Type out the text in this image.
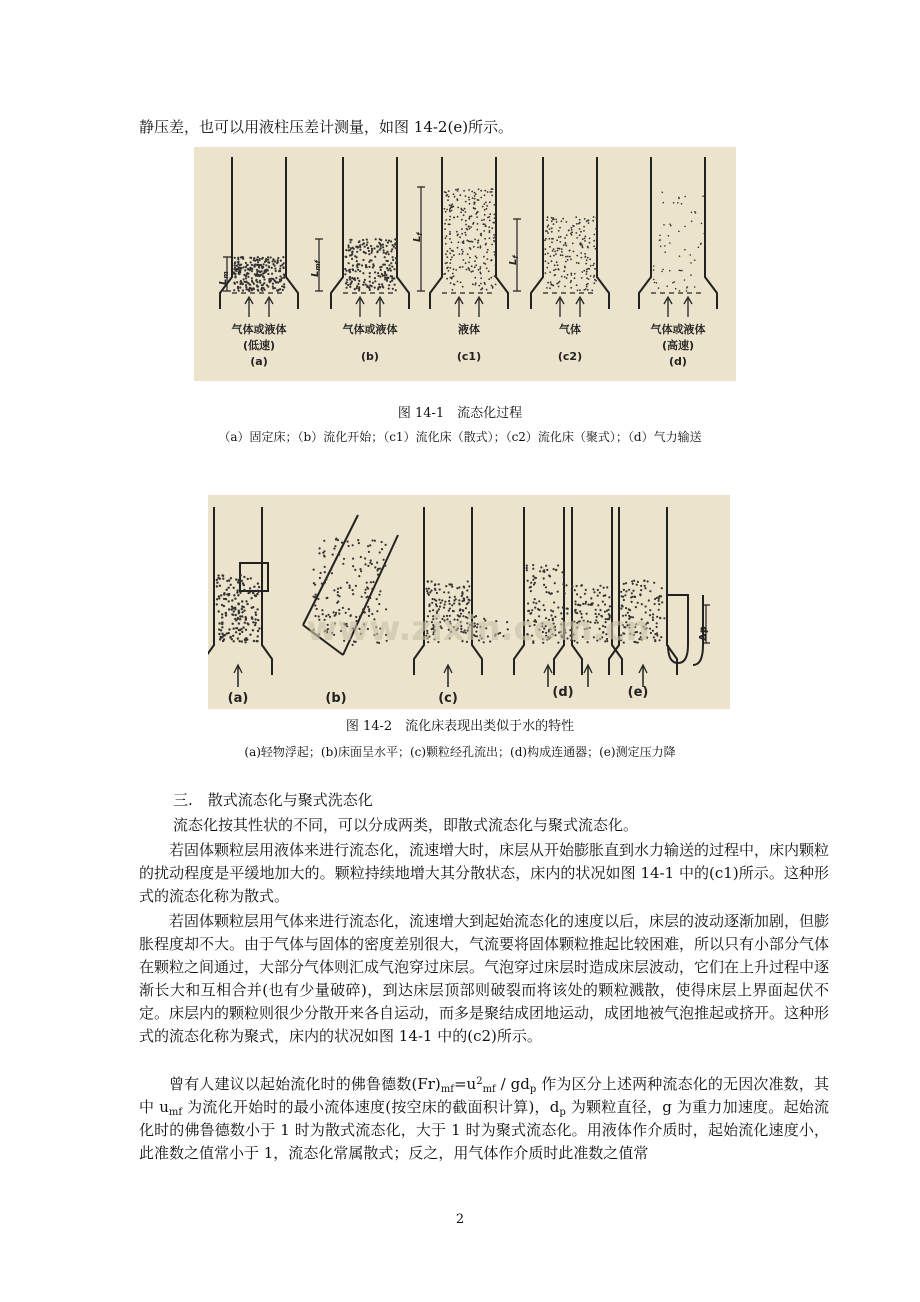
静压差，也可以用液柱压差计测量，如图 14-2(e)所示。
气体或液体
(低速)
(a)
气体或液体
(b)
液体
(c1)
气体
(c2)
气体或液体
(高速)
(d)
$L_m$	$L_{mf}$
$L_f$
$L_f$
图 14-1　流态化过程
（a）固定床；（b）流化开始；（c1）流化床（散式）；（c2）流化床（聚式）；（d）气力输送
www.zixin.com.cn
(a)	(b)	(c)	(d)	(e)
Δp
图 14-2　流化床表现出类似于水的特性
(a)轻物浮起；(b)床面呈水平；(c)颗粒经孔流出；(d)构成连通器；(e)测定压力降
三.　散式流态化与聚式洗态化
流态化按其性状的不同，可以分成两类，即散式流态化与聚式流态化。
若固体颗粒层用液体来进行流态化，流速增大时，床层从开始膨胀直到水力输送的过程中，床内颗粒的扰动程度是平缓地加大的。颗粒持续地增大其分散状态，床内的状况如图 14-1 中的(c1)所示。这种形式的流态化称为散式。
若固体颗粒层用气体来进行流态化，流速增大到起始流态化的速度以后，床层的波动逐渐加剧，但膨胀程度却不大。由于气体与固体的密度差别很大，气流要将固体颗粒推起比较困难，所以只有小部分气体在颗粒之间通过，大部分气体则汇成气泡穿过床层。气泡穿过床层时造成床层波动，它们在上升过程中逐渐长大和互相合并(也有少量破碎)，到达床层顶部则破裂而将该处的颗粒溅散，使得床层上界面起伏不定。床层内的颗粒则很少分散开来各自运动，而多是聚结成团地运动，成团地被气泡推起或挤开。这种形式的流态化称为聚式，床内的状况如图 14-1 中的(c2)所示。
曾有人建议以起始流化时的佛鲁德数$(Fr)_{mf}=u^2_{mf} / gd_p$ 作为区分上述两种流态化的无因次准数，其中 $u_{mf}$ 为流化开始时的最小流体速度(按空床的截面积计算)，$d_p$ 为颗粒直径，g 为重力加速度。起始流化时的佛鲁德数小于 1 时为散式流态化，大于 1 时为聚式流态化。用液体作介质时，起始流化速度小，此准数之值常小于 1，流态化常属散式；反之，用气体作介质时此准数之值常
2
